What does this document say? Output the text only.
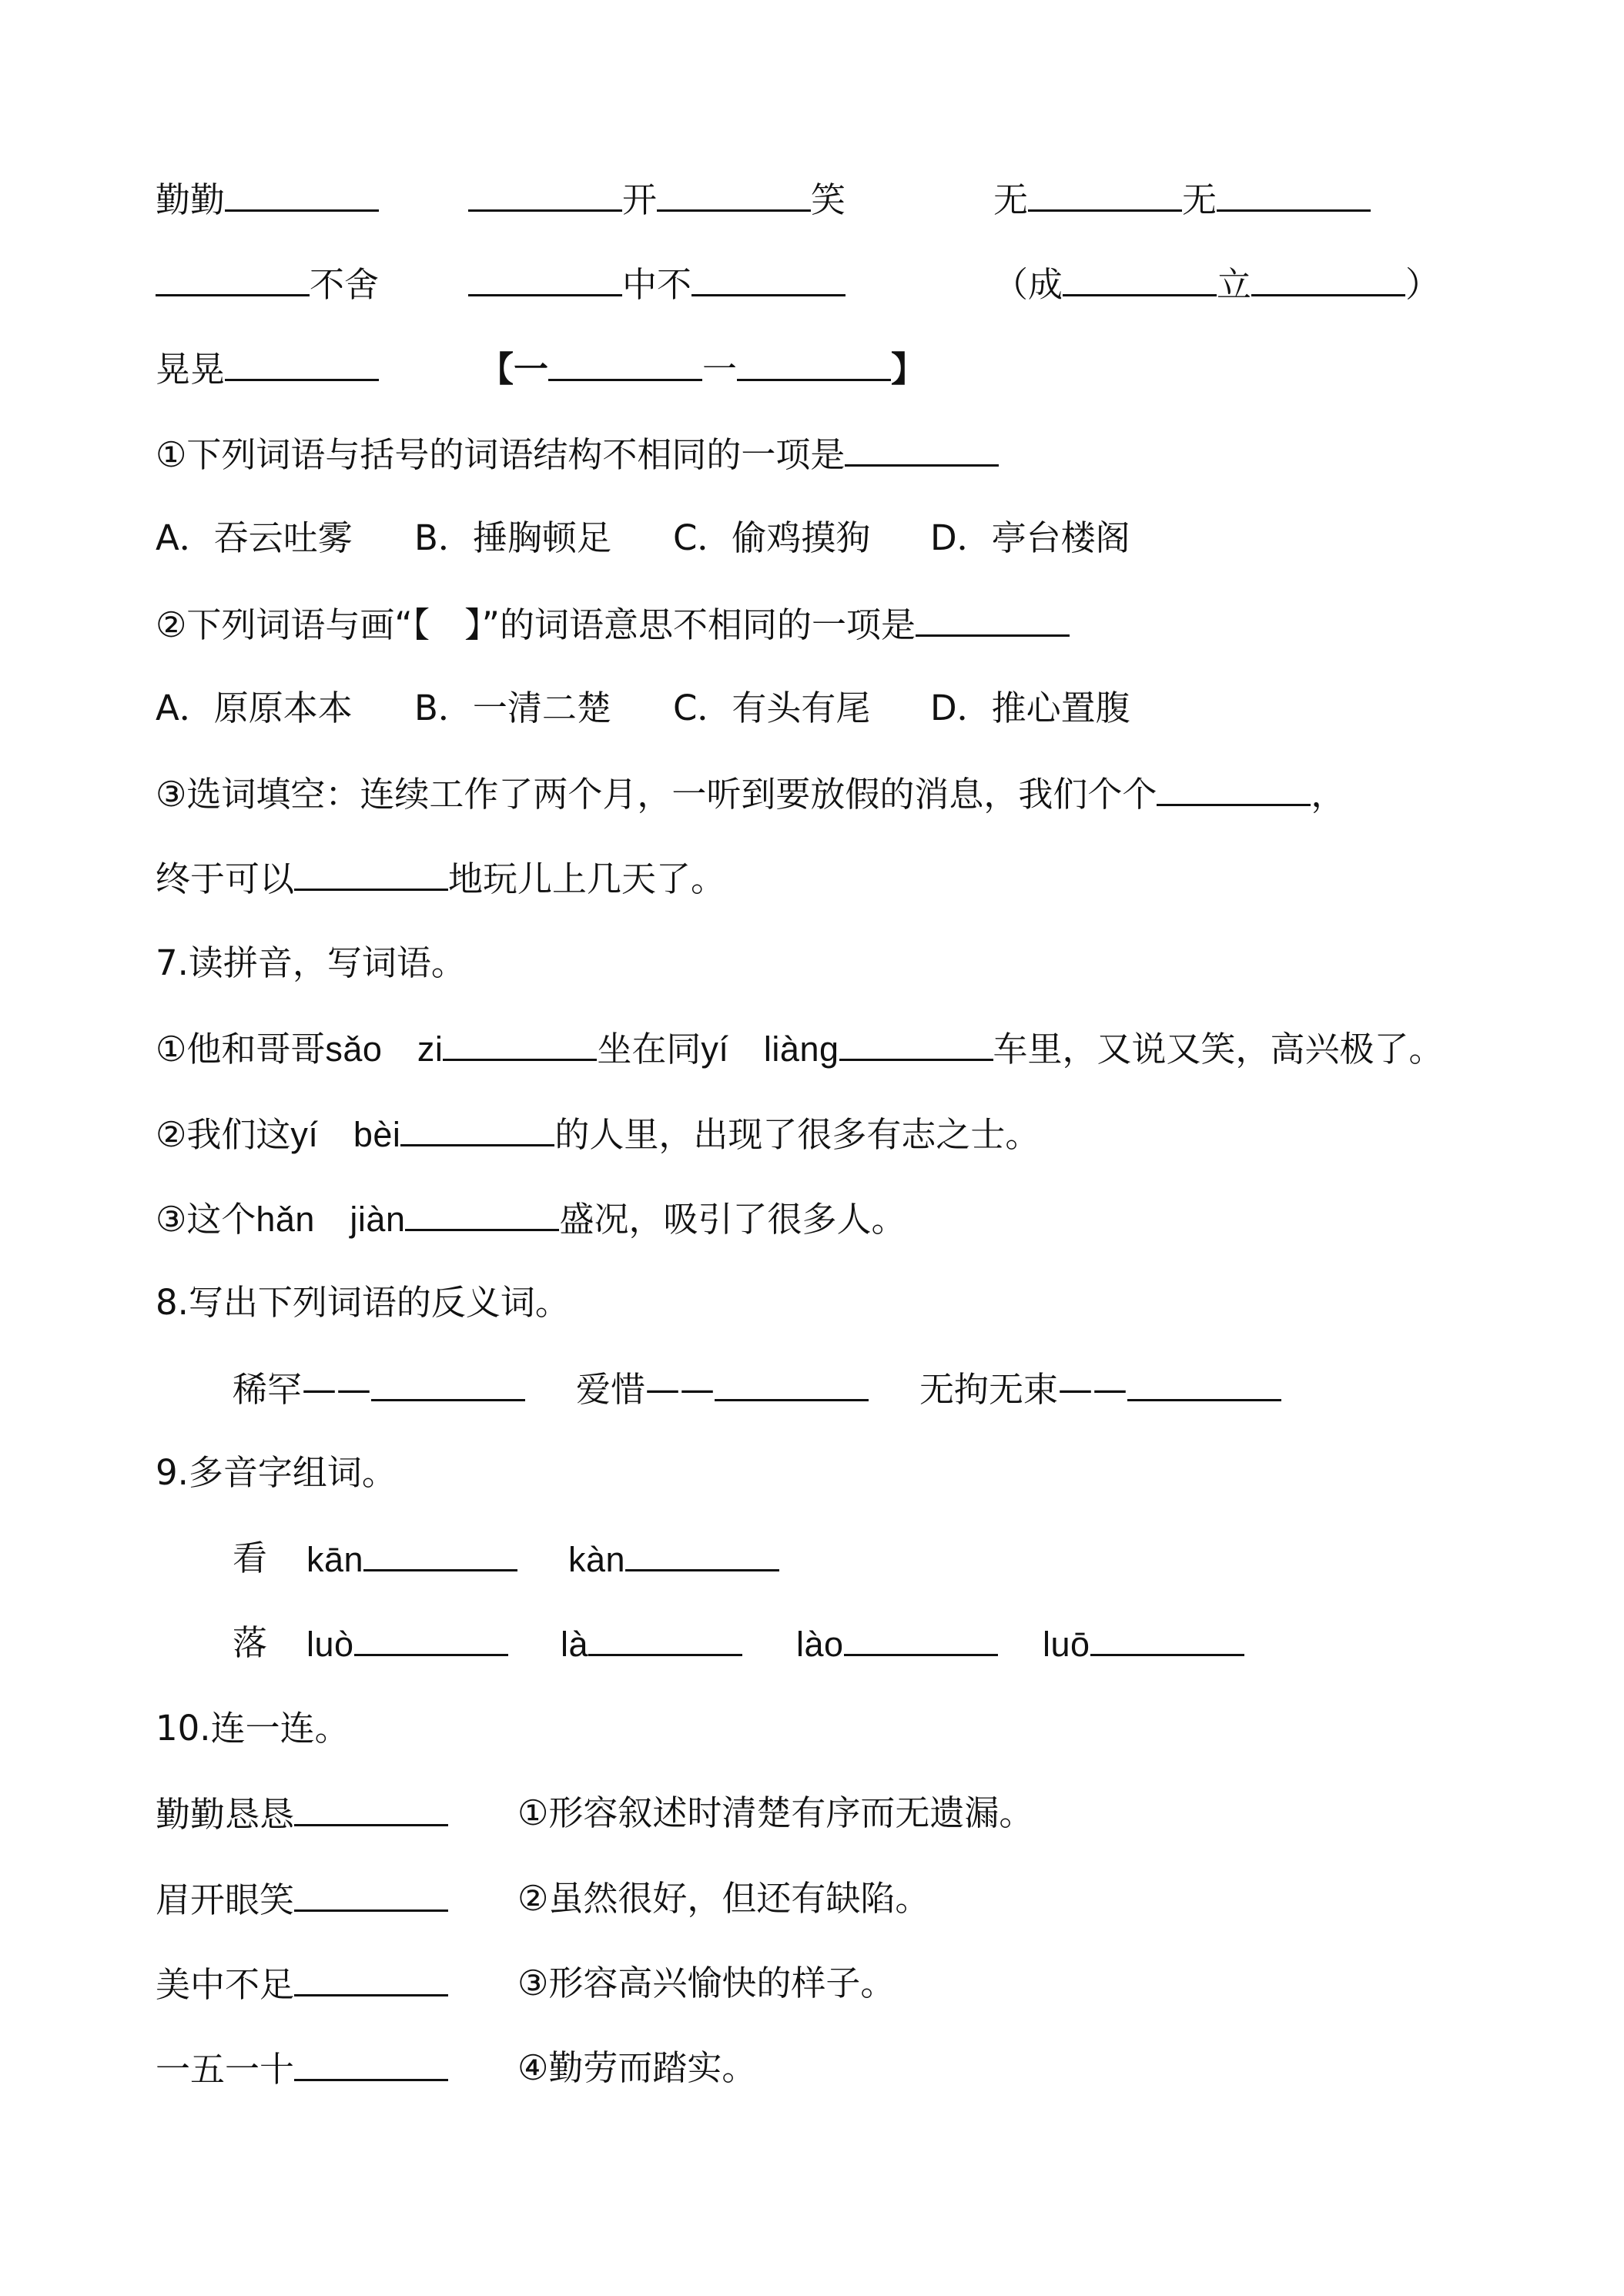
勤勤	开	笑	无	无
不舍	中不	（成	立	）
晃晃	【一	一	】
①下列词语与括号的词语结构不相同的一项是
A．吞云吐雾 B．捶胸顿足 C．偷鸡摸狗 D．亭台楼阁
②下列词语与画“【　】”的词语意思不相同的一项是
A．原原本本 B．一清二楚 C．有头有尾 D．推心置腹
③选词填空：连续工作了两个月，一听到要放假的消息，我们个个	，
终于可以	地玩儿上几天了。
7.读拼音，写词语。
①他和哥哥sǎo　zi	坐在同yí　liàng	车里，又说又笑，高兴极了。
②我们这yí　bèi	的人里，出现了很多有志之士。
③这个hǎn　jiàn	盛况，吸引了很多人。
8.写出下列词语的反义词。
稀罕——	爱惜——	无拘无束——
9.多音字组词。
看 kān	kàn
落 luò	là	lào	luō
10.连一连。
勤勤恳恳	①形容叙述时清楚有序而无遗漏。
眉开眼笑	②虽然很好，但还有缺陷。
美中不足	③形容高兴愉快的样子。
一五一十	④勤劳而踏实。
